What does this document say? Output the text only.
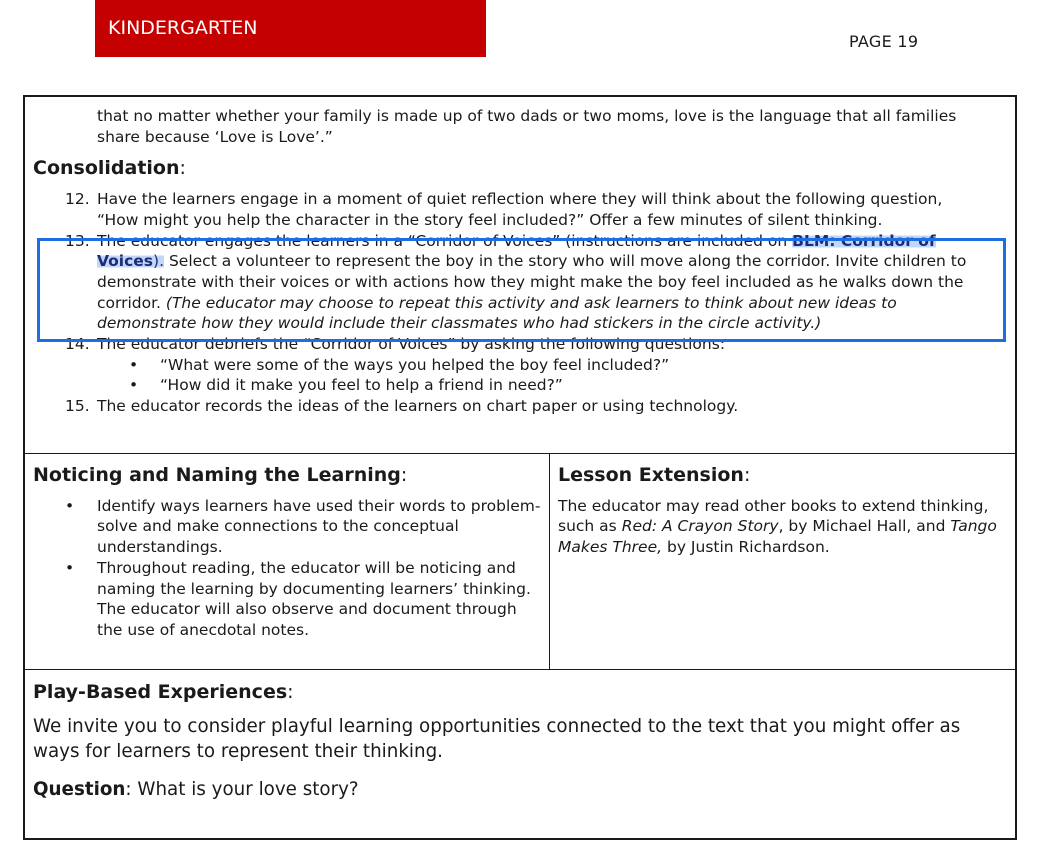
KINDERGARTEN
PAGE 19
that no matter whether your family is made up of two dads or two moms, love is the language that all families
share because ‘Love is Love’.”
Consolidation:
12. Have the learners engage in a moment of quiet reflection where they will think about the following question, “How might you help the character in the story feel included?” Offer a few minutes of silent thinking.
13. The educator engages the learners in a “Corridor of Voices” (instructions are included on BLM: Corridor of
Voices). Select a volunteer to represent the boy in the story who will move along the corridor. Invite children to demonstrate with their voices or with actions how they might make the boy feel included as he walks down the corridor. (The educator may choose to repeat this activity and ask learners to think about new ideas to demonstrate how they would include their classmates who had stickers in the circle activity.)
14. The educator debriefs the “Corridor of Voices” by asking the following questions:
• “What were some of the ways you helped the boy feel included?”
• “How did it make you feel to help a friend in need?”
15. The educator records the ideas of the learners on chart paper or using technology.
Noticing and Naming the Learning:
• Identify ways learners have used their words to problem-solve and make connections to the conceptual understandings.
• Throughout reading, the educator will be noticing and naming the learning by documenting learners’ thinking. The educator will also observe and document through the use of anecdotal notes.
Lesson Extension:
The educator may read other books to extend thinking, such as Red: A Crayon Story, by Michael Hall, and Tango Makes Three, by Justin Richardson.
Play-Based Experiences:
We invite you to consider playful learning opportunities connected to the text that you might offer as ways for learners to represent their thinking.
Question: What is your love story?
